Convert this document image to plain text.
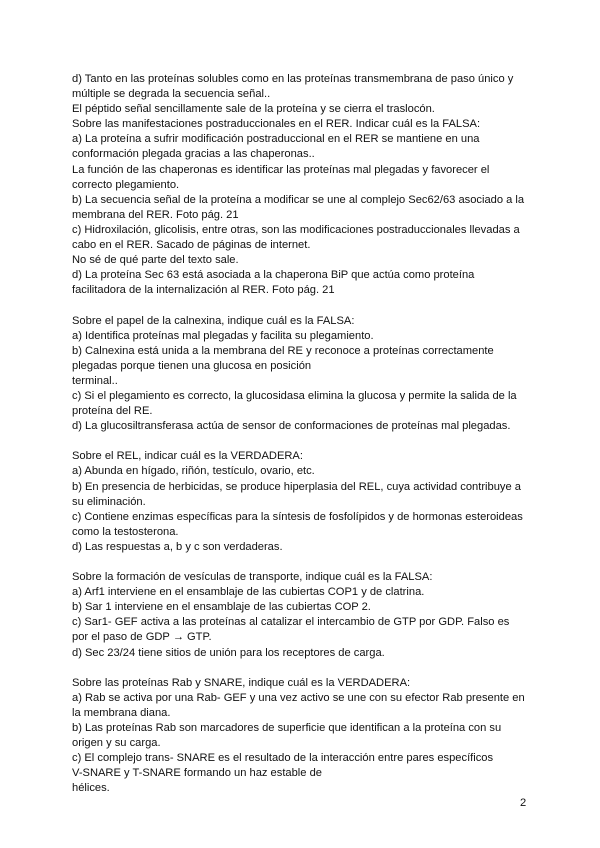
d) Tanto en las proteínas solubles como en las proteínas transmembrana de paso único y
múltiple se degrada la secuencia señal..
El péptido señal sencillamente sale de la proteína y se cierra el traslocón.
Sobre las manifestaciones postraduccionales en el RER. Indicar cuál es la FALSA:
a) La proteína a sufrir modificación postraduccional en el RER se mantiene en una
conformación plegada gracias a las chaperonas..
La función de las chaperonas es identificar las proteínas mal plegadas y favorecer el
correcto plegamiento.
b) La secuencia señal de la proteína a modificar se une al complejo Sec62/63 asociado a la
membrana del RER. Foto pág. 21
c) Hidroxilación, glicolisis, entre otras, son las modificaciones postraduccionales llevadas a
cabo en el RER. Sacado de páginas de internet.
No sé de qué parte del texto sale.
d) La proteína Sec 63 está asociada a la chaperona BiP que actúa como proteína
facilitadora de la internalización al RER. Foto pág. 21
Sobre el papel de la calnexina, indique cuál es la FALSA:
a) Identifica proteínas mal plegadas y facilita su plegamiento.
b) Calnexina está unida a la membrana del RE y reconoce a proteínas correctamente
plegadas porque tienen una glucosa en posición
terminal..
c) Si el plegamiento es correcto, la glucosidasa elimina la glucosa y permite la salida de la
proteína del RE.
d) La glucosiltransferasa actúa de sensor de conformaciones de proteínas mal plegadas.
Sobre el REL, indicar cuál es la VERDADERA:
a) Abunda en hígado, riñón, testículo, ovario, etc.
b) En presencia de herbicidas, se produce hiperplasia del REL, cuya actividad contribuye a
su eliminación.
c) Contiene enzimas específicas para la síntesis de fosfolípidos y de hormonas esteroideas
como la testosterona.
d) Las respuestas a, b y c son verdaderas.
Sobre la formación de vesículas de transporte, indique cuál es la FALSA:
a) Arf1 interviene en el ensamblaje de las cubiertas COP1 y de clatrina.
b) Sar 1 interviene en el ensamblaje de las cubiertas COP 2.
c) Sar1- GEF activa a las proteínas al catalizar el intercambio de GTP por GDP. Falso es
por el paso de GDP → GTP.
d) Sec 23/24 tiene sitios de unión para los receptores de carga.
Sobre las proteínas Rab y SNARE, indique cuál es la VERDADERA:
a) Rab se activa por una Rab- GEF y una vez activo se une con su efector Rab presente en
la membrana diana.
b) Las proteínas Rab son marcadores de superficie que identifican a la proteína con su
origen y su carga.
c) El complejo trans- SNARE es el resultado de la interacción entre pares específicos
V-SNARE y T-SNARE formando un haz estable de
hélices.
2
